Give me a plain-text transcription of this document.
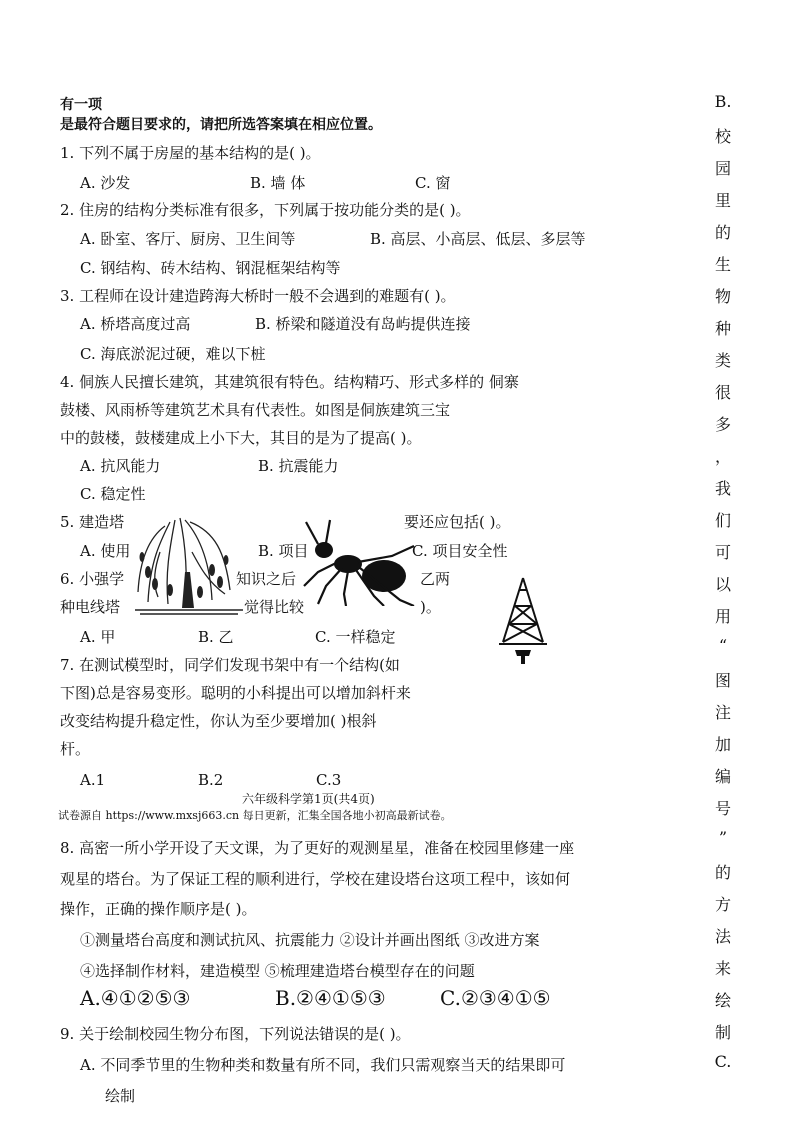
有一项
是最符合题目要求的，请把所选答案填在相应位置。
1. 下列不属于房屋的基本结构的是( )。
A. 沙发	B. 墙 体	C. 窗
2. 住房的结构分类标准有很多，下列属于按功能分类的是( )。
A. 卧室、客厅、厨房、卫生间等	B. 高层、小高层、低层、多层等
C. 钢结构、砖木结构、钢混框架结构等
3. 工程师在设计建造跨海大桥时一般不会遇到的难题有( )。
A. 桥塔高度过高	B. 桥梁和隧道没有岛屿提供连接
C. 海底淤泥过硬，难以下桩
4. 侗族人民擅长建筑，其建筑很有特色。结构精巧、形式多样的 侗寨
鼓楼、风雨桥等建筑艺术具有代表性。如图是侗族建筑三宝
中的鼓楼，鼓楼建成上小下大，其目的是为了提高( )。
A. 抗风能力	B. 抗震能力
C. 稳定性
5. 建造塔	要还应包括( )。
A. 使用	B. 项目	C. 项目安全性
6. 小强学	知识之后	乙两
种电线塔	觉得比较	)。
A. 甲	B. 乙	C. 一样稳定
7. 在测试模型时，同学们发现书架中有一个结构(如
下图)总是容易变形。聪明的小科提出可以增加斜杆来
改变结构提升稳定性，你认为至少要增加( )根斜
杆。
A.1	B.2	C.3
六年级科学第1页(共4页)
试卷源自 https://www.mxsj663.cn 每日更新，汇集全国各地小初高最新试卷。
8. 高密一所小学开设了天文课，为了更好的观测星星，准备在校园里修建一座
观星的塔台。为了保证工程的顺利进行，学校在建设塔台这项工程中，该如何
操作，正确的操作顺序是( )。
①测量塔台高度和测试抗风、抗震能力 ②设计并画出图纸 ③改进方案
④选择制作材料，建造模型 ⑤梳理建造塔台模型存在的问题
A.④①②⑤③	B.②④①⑤③	C.②③④①⑤
9. 关于绘制校园生物分布图，下列说法错误的是( )。
A. 不同季节里的生物种类和数量有所不同，我们只需观察当天的结果即可
绘制
B.
校
园
里
的
生
物
种
类
很
多
，
我
们
可
以
用
“
图
注
加
编
号
”
的
方
法
来
绘
制
C.
